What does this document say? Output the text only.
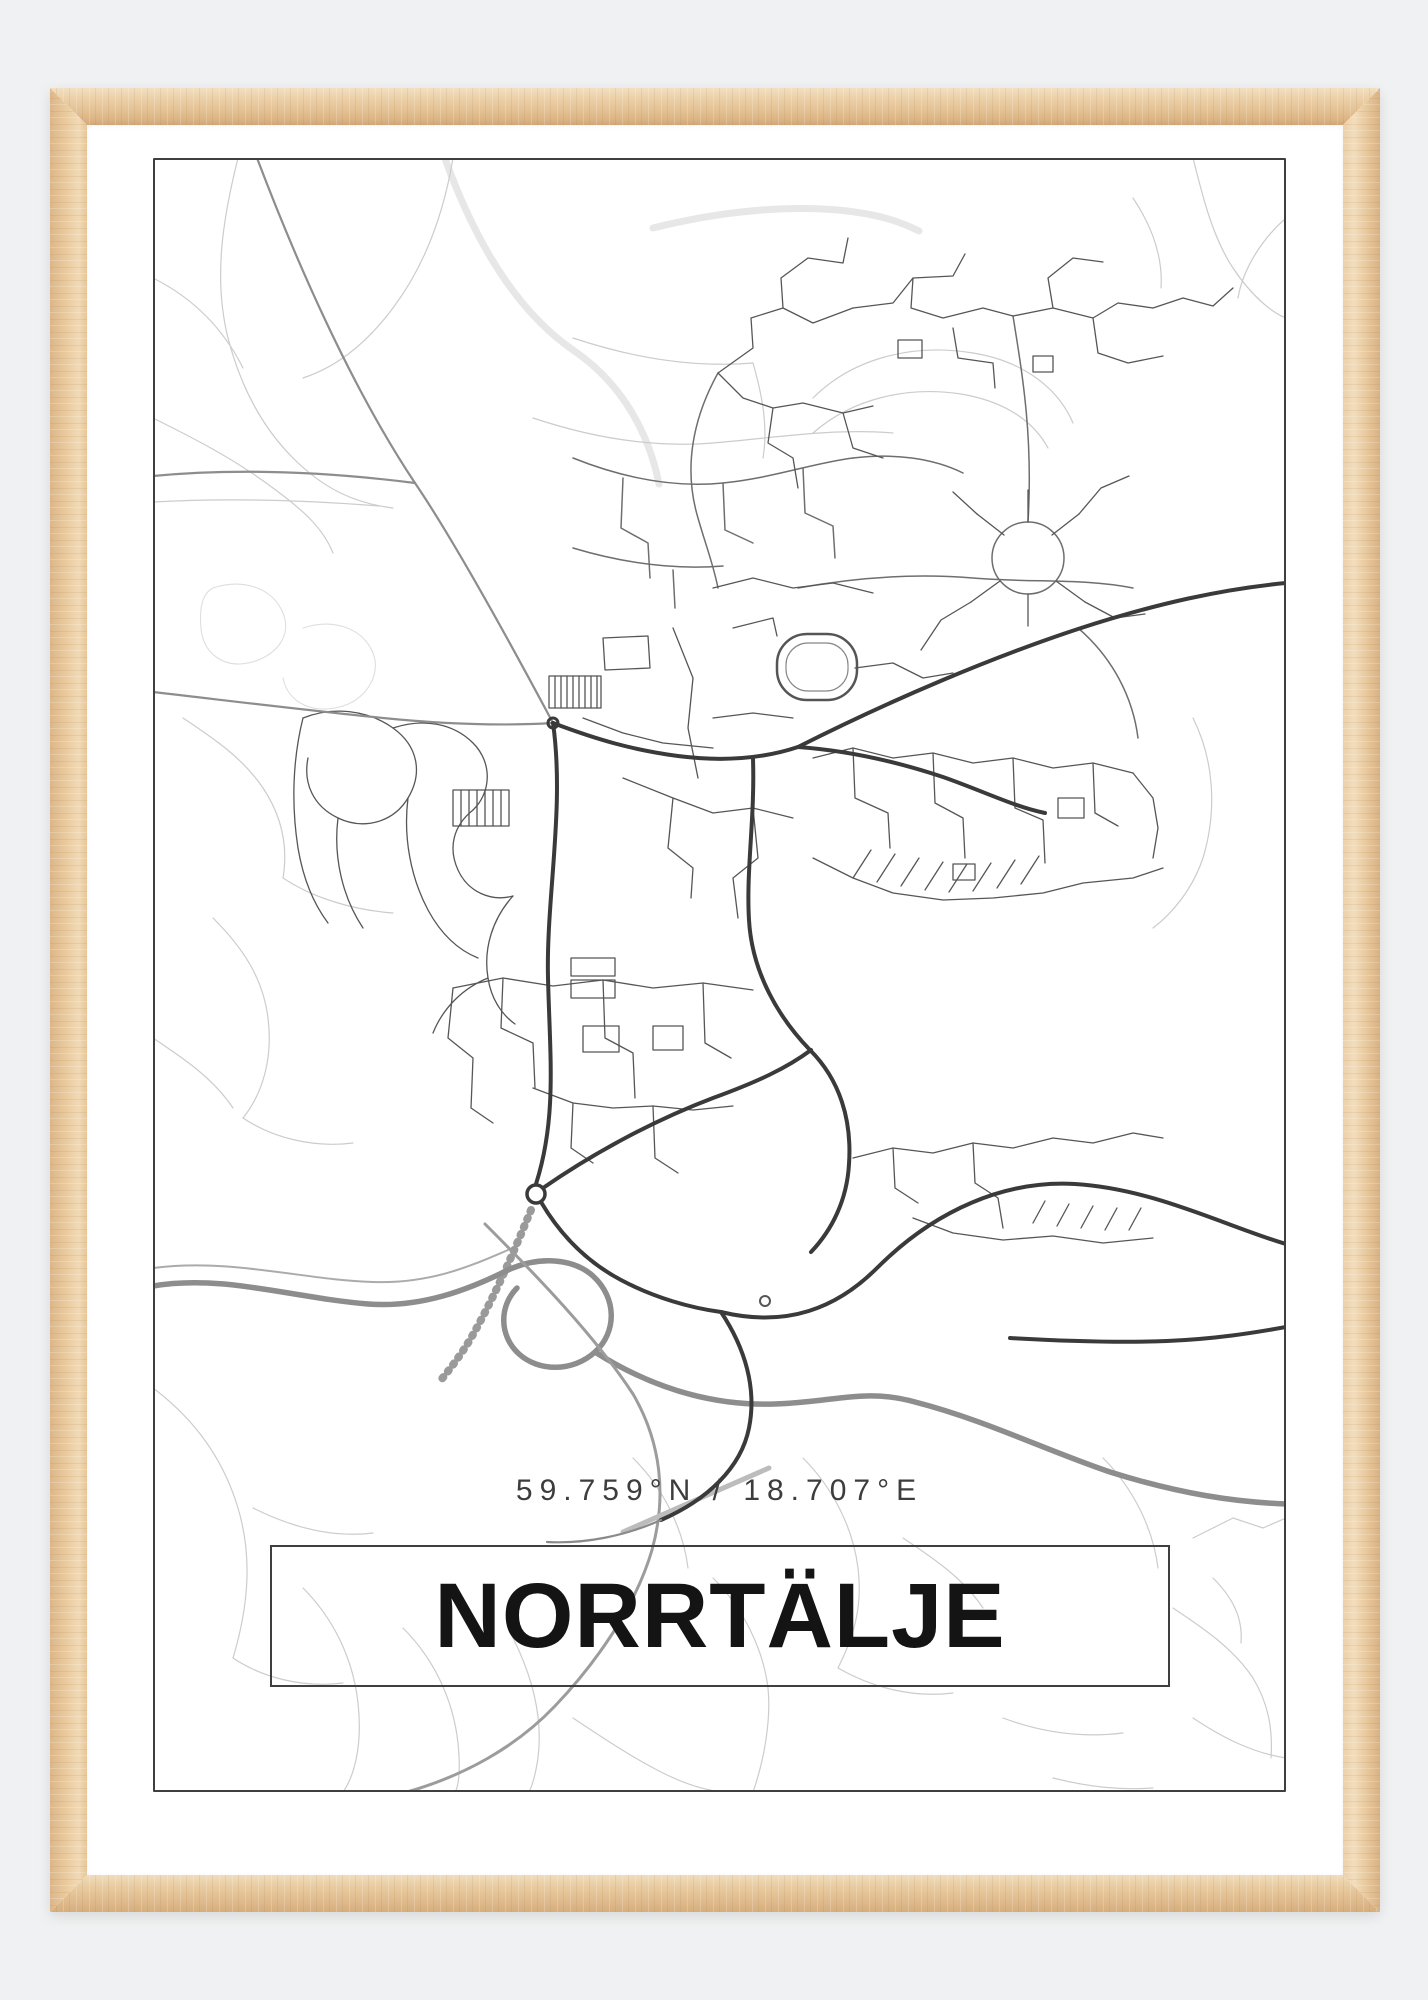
59.759°N / 18.707°E
NORRTÄLJE
